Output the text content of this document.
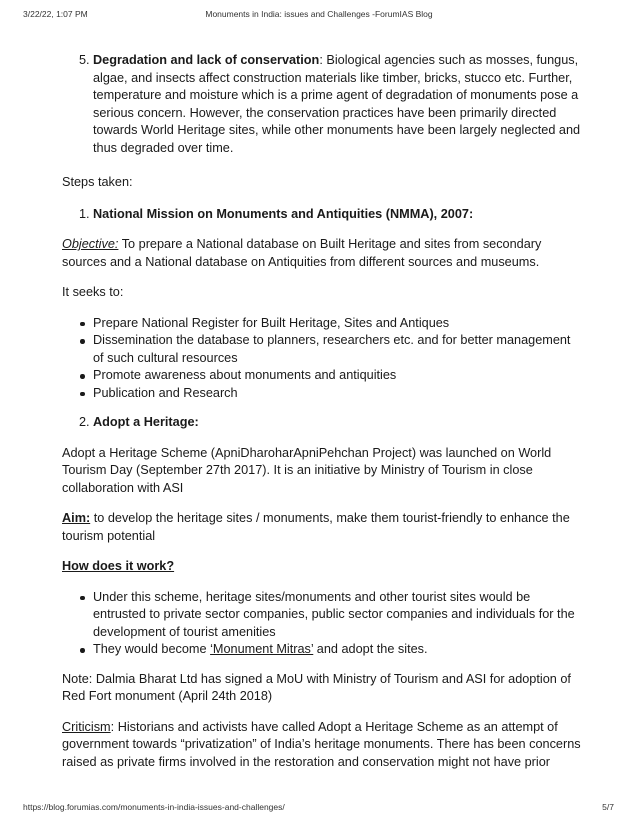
3/22/22, 1:07 PM	Monuments in India: issues and Challenges -ForumIAS Blog
5. Degradation and lack of conservation: Biological agencies such as mosses, fungus, algae, and insects affect construction materials like timber, bricks, stucco etc. Further, temperature and moisture which is a prime agent of degradation of monuments pose a serious concern. However, the conservation practices have been primarily directed towards World Heritage sites, while other monuments have been largely neglected and thus degraded over time.

Steps taken:

1. National Mission on Monuments and Antiquities (NMMA), 2007:

Objective: To prepare a National database on Built Heritage and sites from secondary sources and a National database on Antiquities from different sources and museums.

It seeks to:

Prepare National Register for Built Heritage, Sites and Antiques
Dissemination the database to planners, researchers etc. and for better management of such cultural resources
Promote awareness about monuments and antiquities
Publication and Research
2. Adopt a Heritage:

Adopt a Heritage Scheme (ApniDharoharApniPehchan Project) was launched on World Tourism Day (September 27th 2017). It is an initiative by Ministry of Tourism in close collaboration with ASI

Aim: to develop the heritage sites / monuments, make them tourist-friendly to enhance the tourism potential

How does it work?

Under this scheme, heritage sites/monuments and other tourist sites would be entrusted to private sector companies, public sector companies and individuals for the development of tourist amenities
They would become ‘Monument Mitras’ and adopt the sites.

Note: Dalmia Bharat Ltd has signed a MoU with Ministry of Tourism and ASI for adoption of Red Fort monument (April 24th 2018)

Criticism: Historians and activists have called Adopt a Heritage Scheme as an attempt of government towards “privatization” of India’s heritage monuments. There has been concerns raised as private firms involved in the restoration and conservation might not have prior

https://blog.forumias.com/monuments-in-india-issues-and-challenges/	5/7
